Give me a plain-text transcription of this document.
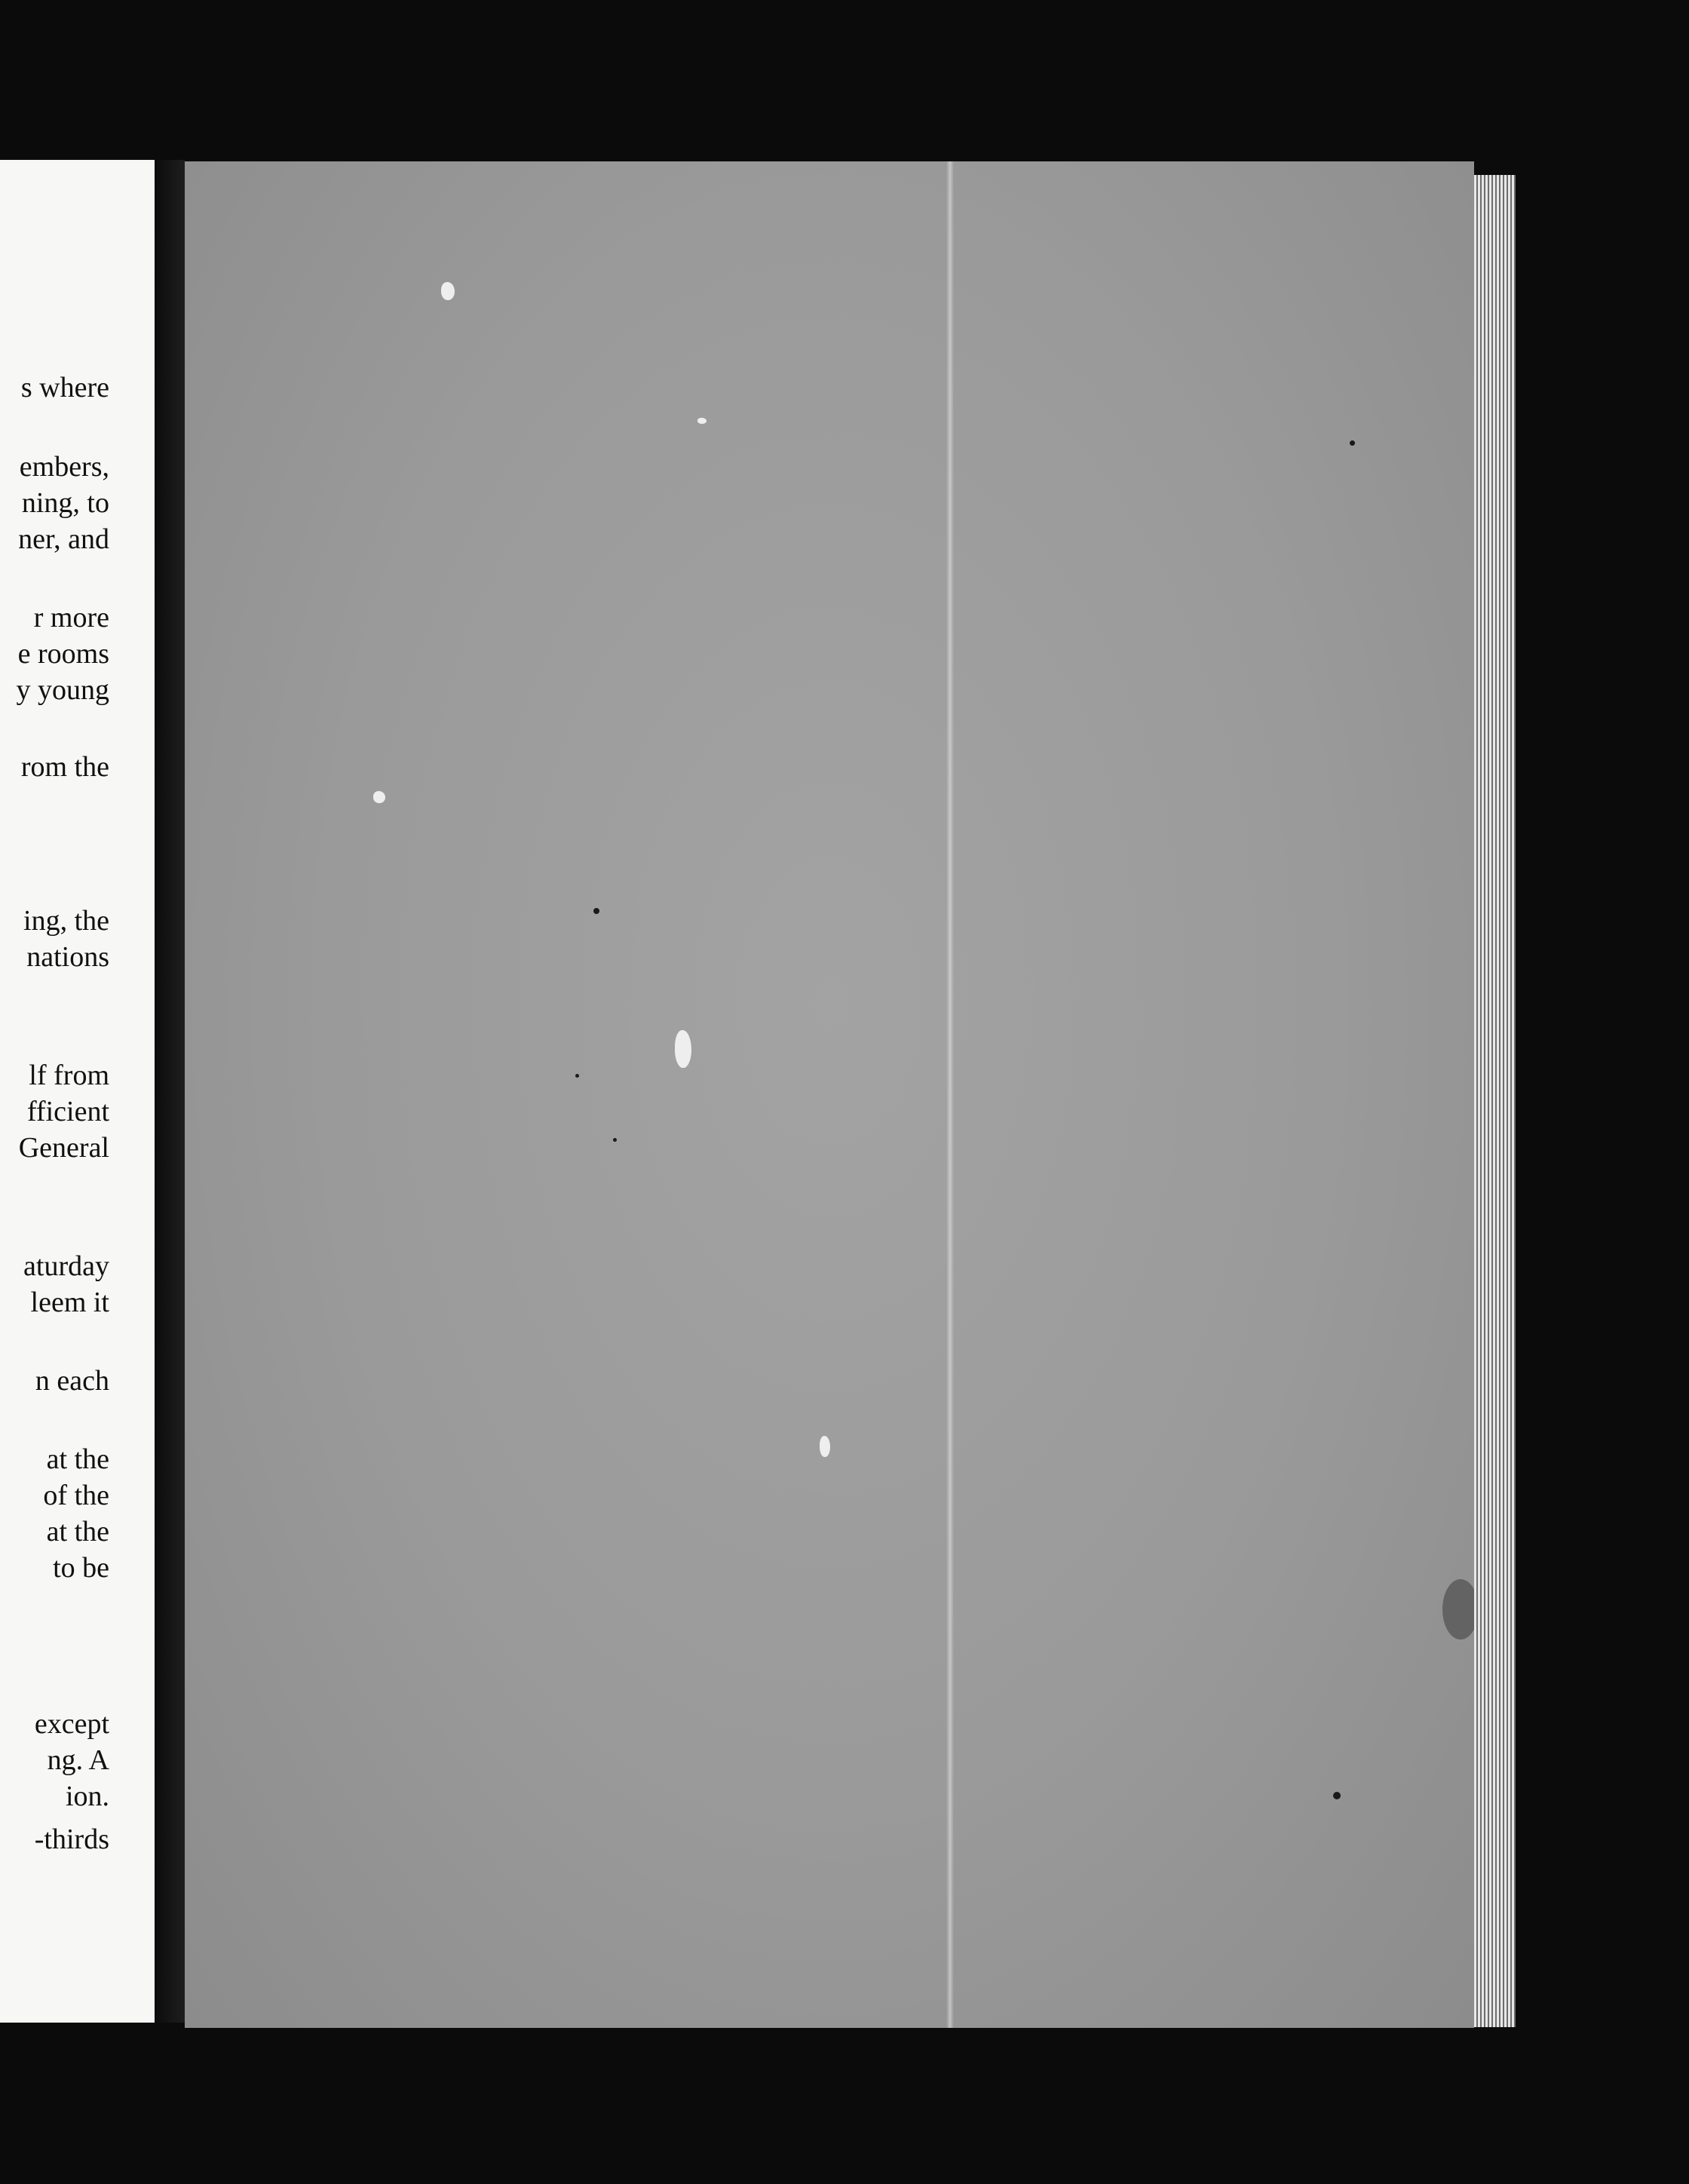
s where
embers,
ning, to
ner, and
r more
e rooms
y young
rom the
ing, the
nations
lf from
fficient
General
aturday
leem it
n each
at the
of the
at the
to be
except
ng. A
ion.
-thirds
